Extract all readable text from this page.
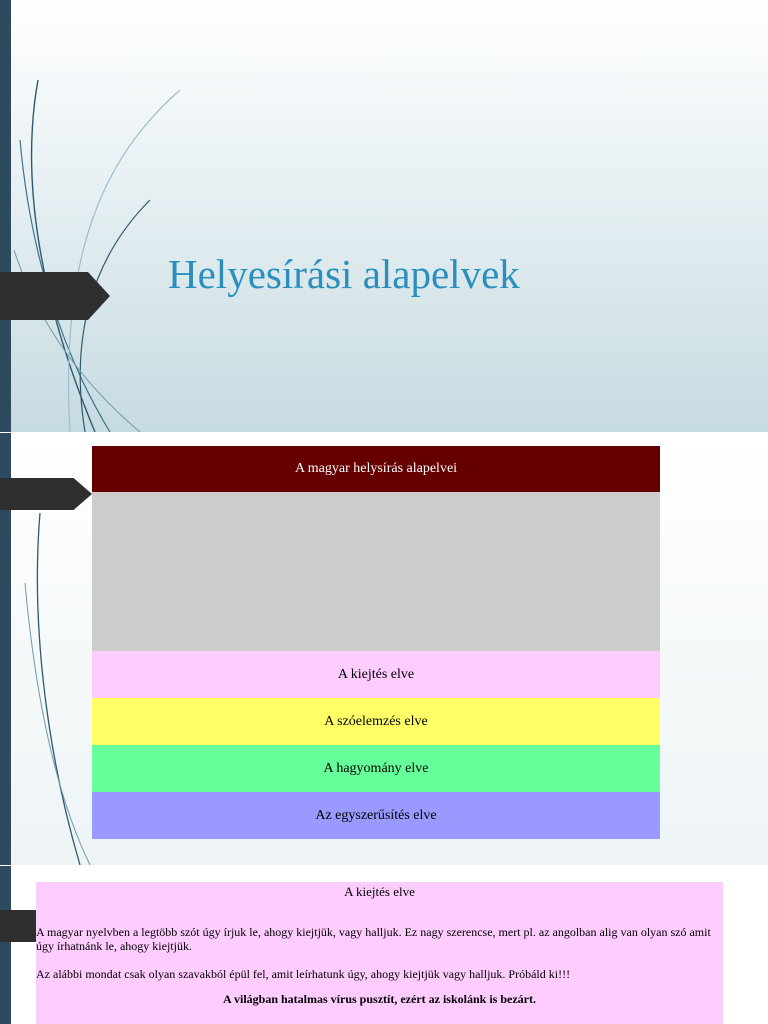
Helyesírási alapelvek
A magyar helysírás alapelvei
A kiejtés elve
A szóelemzés elve
A hagyomány elve
Az egyszerűsítés elve
A kiejtés elve
A magyar nyelvben a legtöbb szót úgy írjuk le, ahogy kiejtjük, vagy halljuk. Ez nagy szerencse, mert pl. az angolban alig van olyan szó amit úgy írhatnánk le, ahogy kiejtjük.
Az alábbi mondat csak olyan szavakból épül fel, amit leírhatunk úgy, ahogy kiejtjük vagy halljuk. Próbáld ki!!!
A világban hatalmas vírus pusztít, ezért az iskolánk is bezárt.
